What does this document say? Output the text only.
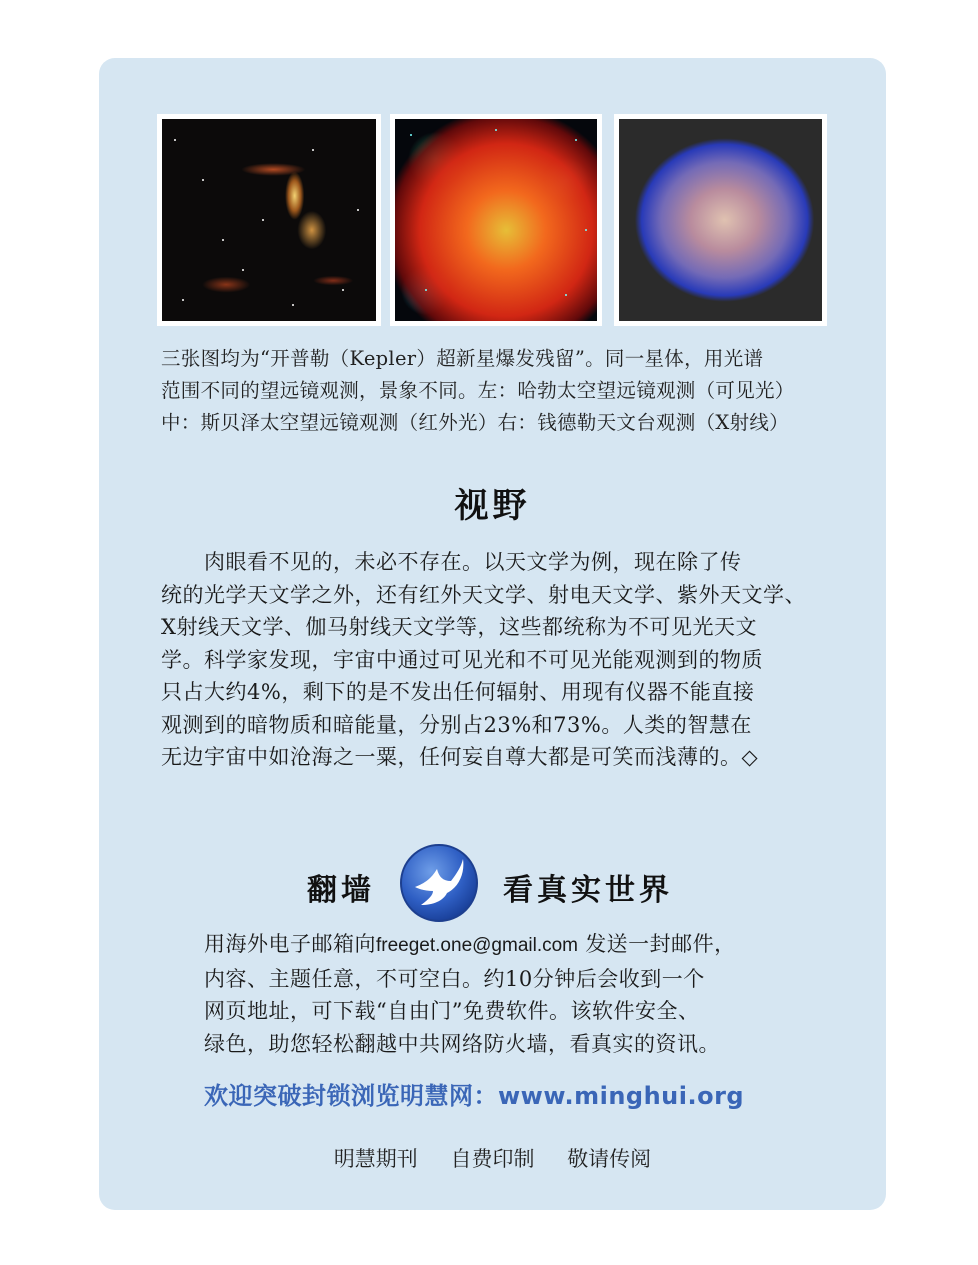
三张图均为“开普勒（Kepler）超新星爆发残留”。同一星体，用光谱
范围不同的望远镜观测，景象不同。左：哈勃太空望远镜观测（可见光）
中：斯贝泽太空望远镜观测（红外光）右：钱德勒天文台观测（X射线）
视野
　　肉眼看不见的，未必不存在。以天文学为例，现在除了传
统的光学天文学之外，还有红外天文学、射电天文学、紫外天文学、
X射线天文学、伽马射线天文学等，这些都统称为不可见光天文
学。科学家发现，宇宙中通过可见光和不可见光能观测到的物质
只占大约4%，剩下的是不发出任何辐射、用现有仪器不能直接
观测到的暗物质和暗能量，分别占23%和73%。人类的智慧在
无边宇宙中如沧海之一粟，任何妄自尊大都是可笑而浅薄的。◇
翻墙	看真实世界
用海外电子邮箱向freeget.one@gmail.com 发送一封邮件，
内容、主题任意，不可空白。约10分钟后会收到一个
网页地址，可下载“自由门”免费软件。该软件安全、
绿色，助您轻松翻越中共网络防火墙，看真实的资讯。
欢迎突破封锁浏览明慧网：www.minghui.org
明慧期刊 自费印制 敬请传阅
